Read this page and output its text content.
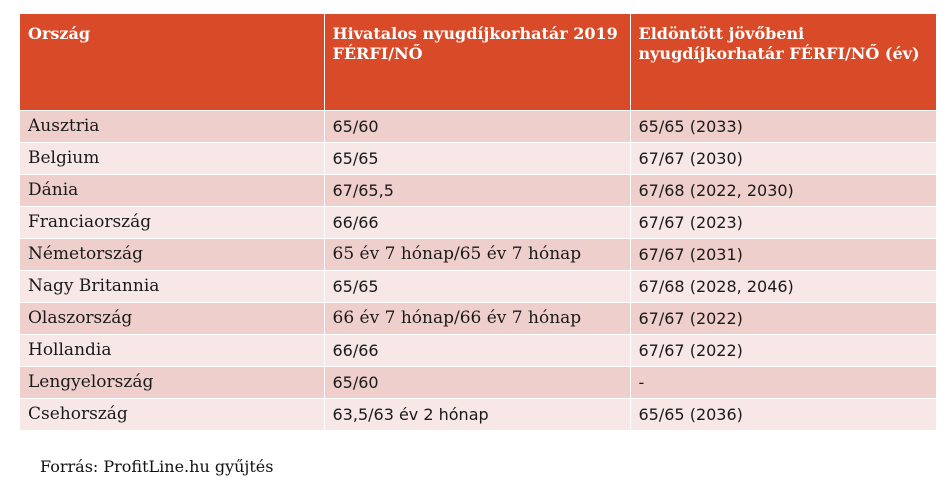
Ország	Hivatalos nyugdíjkorhatár 2019 FÉRFI/NŐ	Eldöntött jövőbeni nyugdíjkorhatár FÉRFI/NŐ (év)
Ausztria	65/60	65/65 (2033)
Belgium	65/65	67/67 (2030)
Dánia	67/65,5	67/68 (2022, 2030)
Franciaország	66/66	67/67 (2023)
Németország	65 év 7 hónap/65 év 7 hónap	67/67 (2031)
Nagy Britannia	65/65	67/68 (2028, 2046)
Olaszország	66 év 7 hónap/66 év 7 hónap	67/67 (2022)
Hollandia	66/66	67/67 (2022)
Lengyelország	65/60	-
Csehország	63,5/63 év 2 hónap	65/65 (2036)
Forrás: ProfitLine.hu gyűjtés
